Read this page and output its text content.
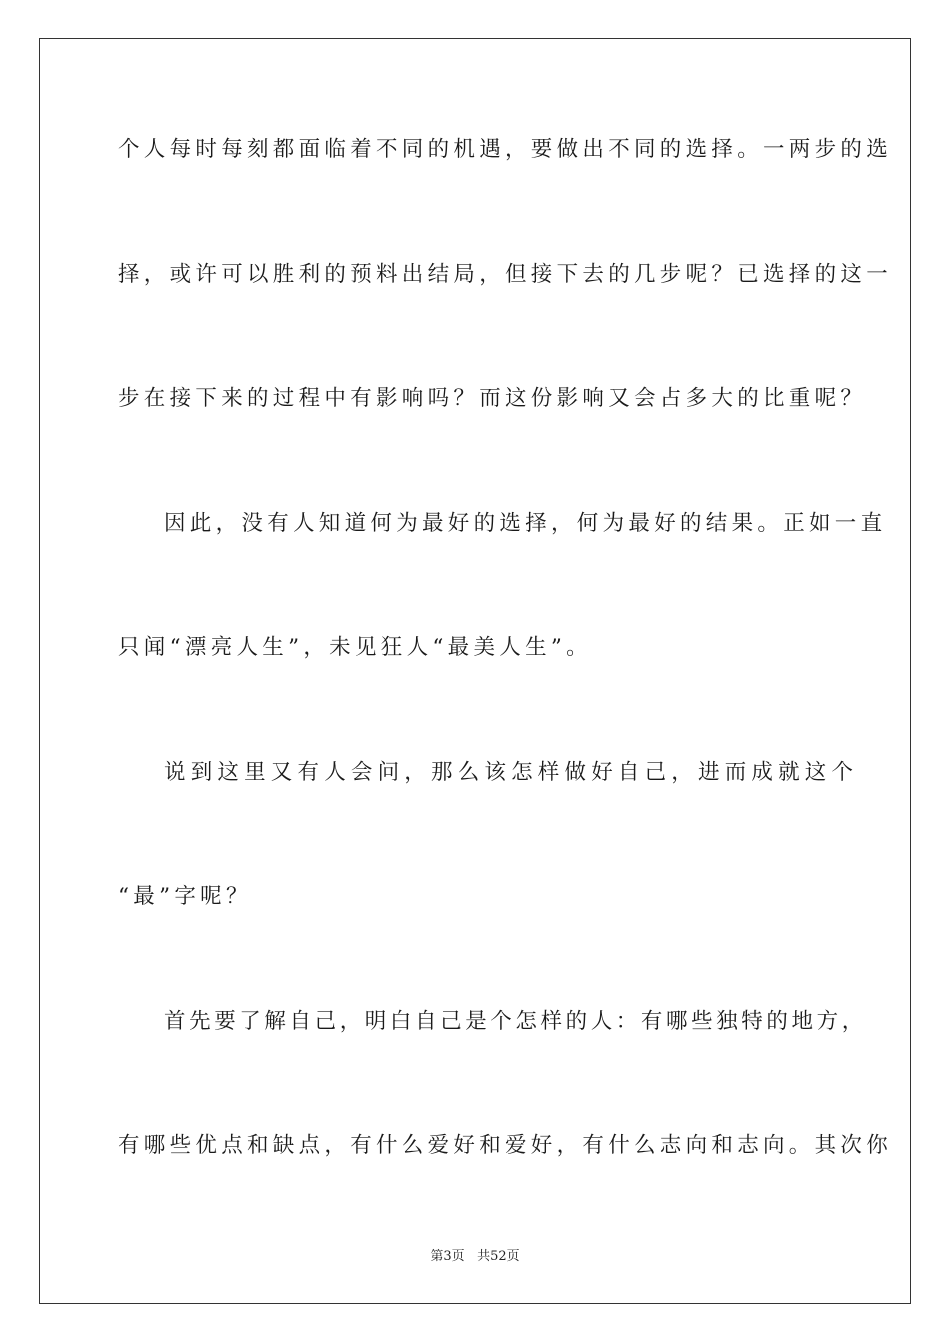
个人每时每刻都面临着不同的机遇，要做出不同的选择。一两步的选
择，或许可以胜利的预料出结局，但接下去的几步呢？已选择的这一
步在接下来的过程中有影响吗？而这份影响又会占多大的比重呢？
因此，没有人知道何为最好的选择，何为最好的结果。正如一直
只闻“漂亮人生”，未见狂人“最美人生”。
说到这里又有人会问，那么该怎样做好自己，进而成就这个
“最”字呢？
首先要了解自己，明白自己是个怎样的人：有哪些独特的地方，
有哪些优点和缺点，有什么爱好和爱好，有什么志向和志向。其次你
第3页 共52页
